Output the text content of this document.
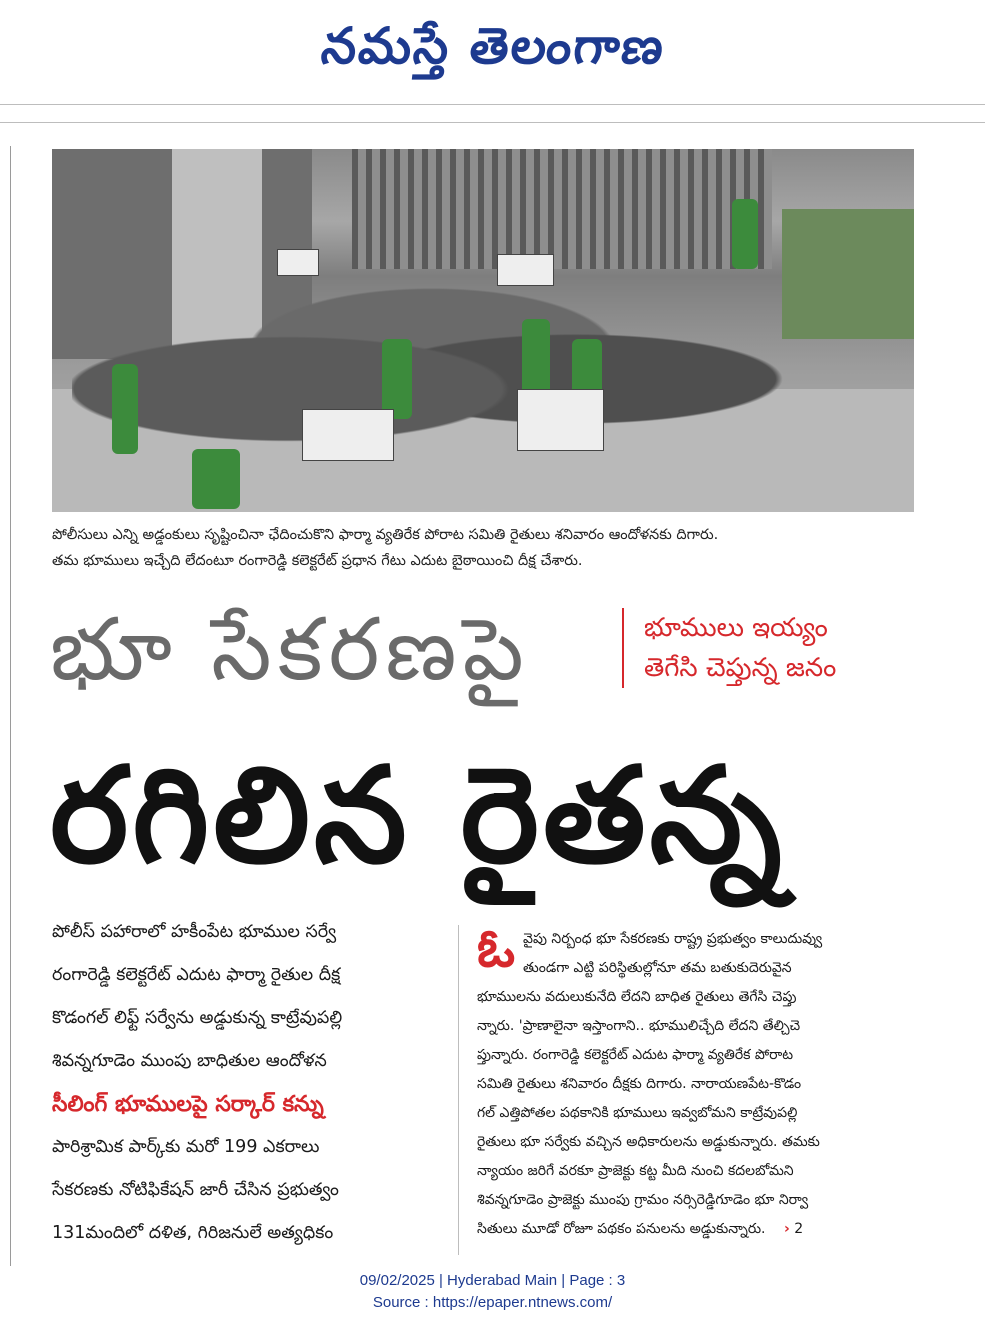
నమస్తే తెలంగాణ
పోలీసులు ఎన్ని అడ్డంకులు సృష్టించినా ఛేదించుకొని ఫార్మా వ్యతిరేక పోరాట సమితి రైతులు శనివారం ఆందోళనకు దిగారు.
తమ భూములు ఇచ్చేది లేదంటూ రంగారెడ్డి కలెక్టరేట్ ప్రధాన గేటు ఎదుట బైఠాయించి దీక్ష చేశారు.
భూ సేకరణపై	భూములు ఇయ్యం
తెగేసి చెప్తున్న జనం
రగిలిన రైతన్న
పోలీస్ పహారాలో హకీంపేట భూముల సర్వే
రంగారెడ్డి కలెక్టరేట్ ఎదుట ఫార్మా రైతుల దీక్ష
కొడంగల్ లిఫ్ట్ సర్వేను అడ్డుకున్న కాట్రేవుపల్లి
శివన్నగూడెం ముంపు బాధితుల ఆందోళన
సీలింగ్ భూములపై సర్కార్ కన్ను
పారిశ్రామిక పార్క్‌కు మరో 199 ఎకరాలు
సేకరణకు నోటిఫికేషన్ జారీ చేసిన ప్రభుత్వం
131మందిలో దళిత, గిరిజనులే అత్యధికం
ఓ వైపు నిర్బంధ భూ సేకరణకు రాష్ట్ర ప్రభుత్వం కాలుదువ్వు
తుండగా ఎట్టి పరిస్థితుల్లోనూ తమ బతుకుదెరువైన
భూములను వదులుకునేది లేదని బాధిత రైతులు తెగేసి చెప్తు
న్నారు. 'ప్రాణాలైనా ఇస్తాంగాని.. భూములిచ్చేది లేదని తేల్చిచె
ప్తున్నారు. రంగారెడ్డి కలెక్టరేట్ ఎదుట ఫార్మా వ్యతిరేక పోరాట
సమితి రైతులు శనివారం దీక్షకు దిగారు. నారాయణపేట-కొడం
గల్ ఎత్తిపోతల పథకానికి భూములు ఇవ్వబోమని కాట్రేవుపల్లి
రైతులు భూ సర్వేకు వచ్చిన అధికారులను అడ్డుకున్నారు. తమకు
న్యాయం జరిగే వరకూ ప్రాజెక్టు కట్ట మీది నుంచి కదలబోమని
శివన్నగూడెం ప్రాజెక్టు ముంపు గ్రామం నర్సిరెడ్డిగూడెం భూ నిర్వా
సితులు మూడో రోజూ పథకం పనులను అడ్డుకున్నారు. › 2
09/02/2025 | Hyderabad Main | Page : 3
Source : https://epaper.ntnews.com/
